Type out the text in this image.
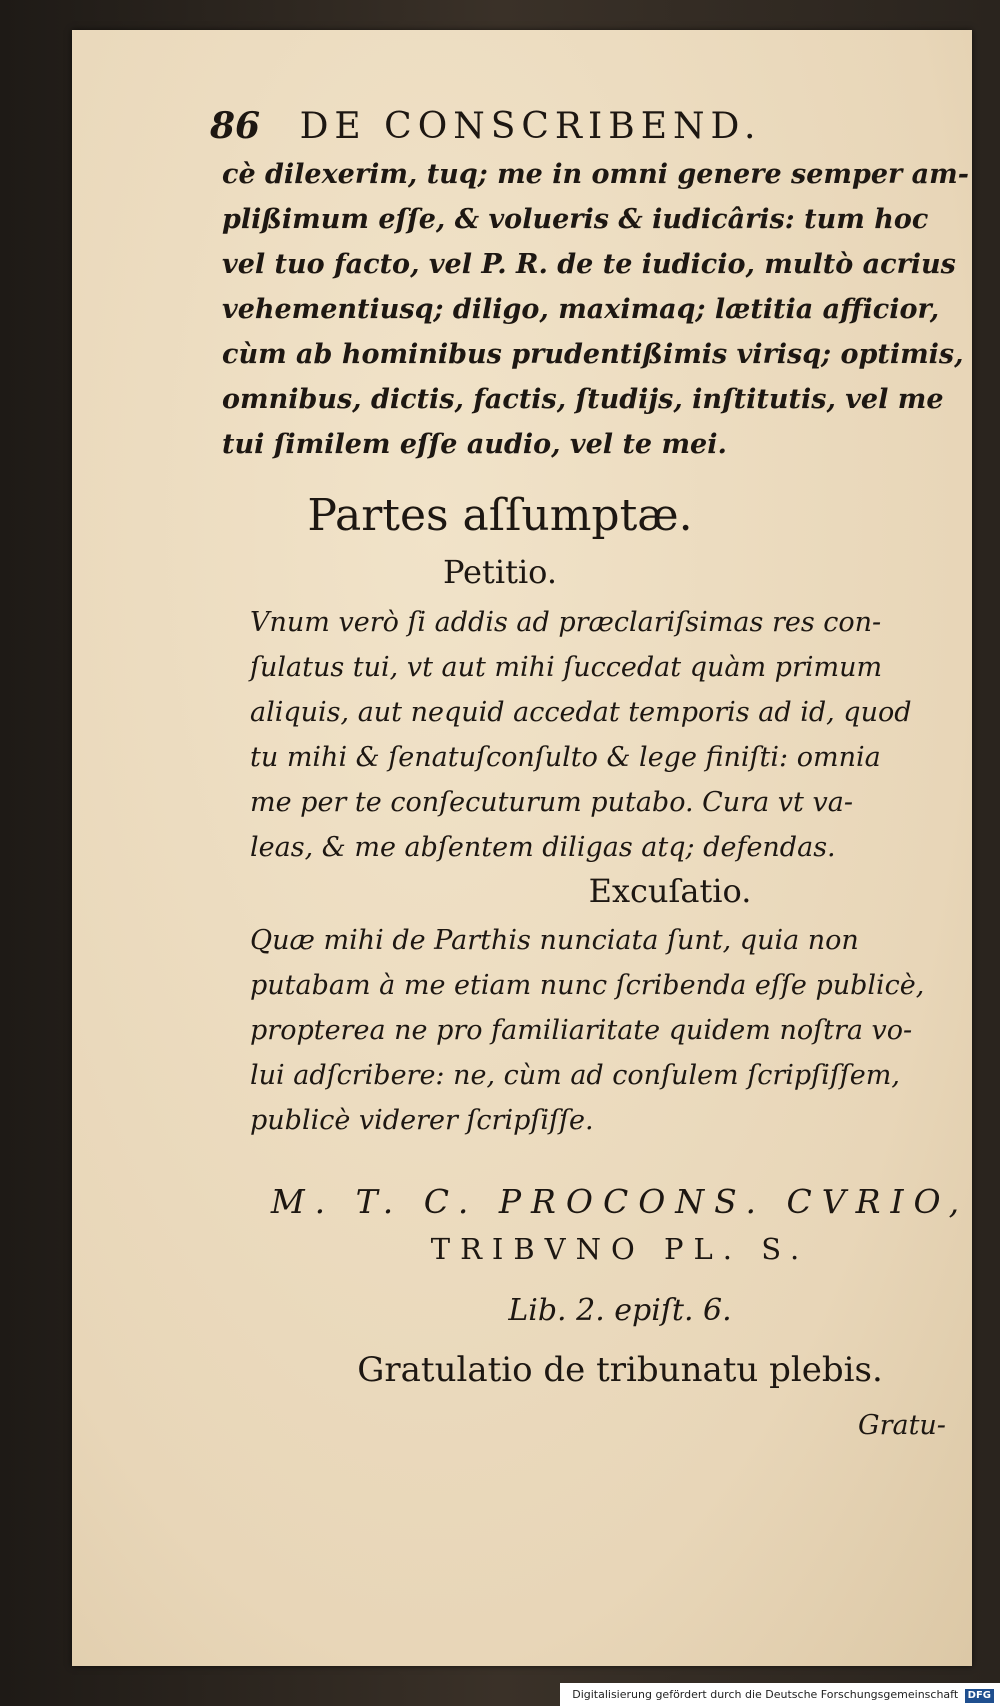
86 DE CONSCRIBEND.
cè dilexerim, tuq; me in omni genere semper am-
plißimum eſſe, & volueris & iudicâris: tum hoc
vel tuo facto, vel P. R. de te iudicio, multò acrius
vehementiusq; diligo, maximaq; lætitia afficior,
cùm ab hominibus prudentißimis virisq; optimis,
omnibus, dictis, factis, ſtudijs, inſtitutis, vel me
tui ſimilem eſſe audio, vel te mei.
Partes aſſumptæ.
Petitio.
Vnum verò ſi addis ad præclariſsimas res con-
ſulatus tui, vt aut mihi ſuccedat quàm primum
aliquis, aut nequid accedat temporis ad id, quod
tu mihi & ſenatuſconſulto & lege finiſti: omnia
me per te conſecuturum putabo. Cura vt va-
leas, & me abſentem diligas atq; defendas.
Excuſatio.
Quæ mihi de Parthis nunciata ſunt, quia non
putabam à me etiam nunc ſcribenda eſſe publicè,
propterea ne pro familiaritate quidem noſtra vo-
lui adſcribere: ne, cùm ad conſulem ſcripſiſſem,
publicè viderer ſcripſiſſe.
M. T. C. PROCONS. CVRIO,
TRIBVNO PL. S.
Lib. 2. epiſt. 6.
Gratulatio de tribunatu plebis.
Gratu-
Digitalisierung gefördert durch die Deutsche Forschungsgemeinschaft DFG
